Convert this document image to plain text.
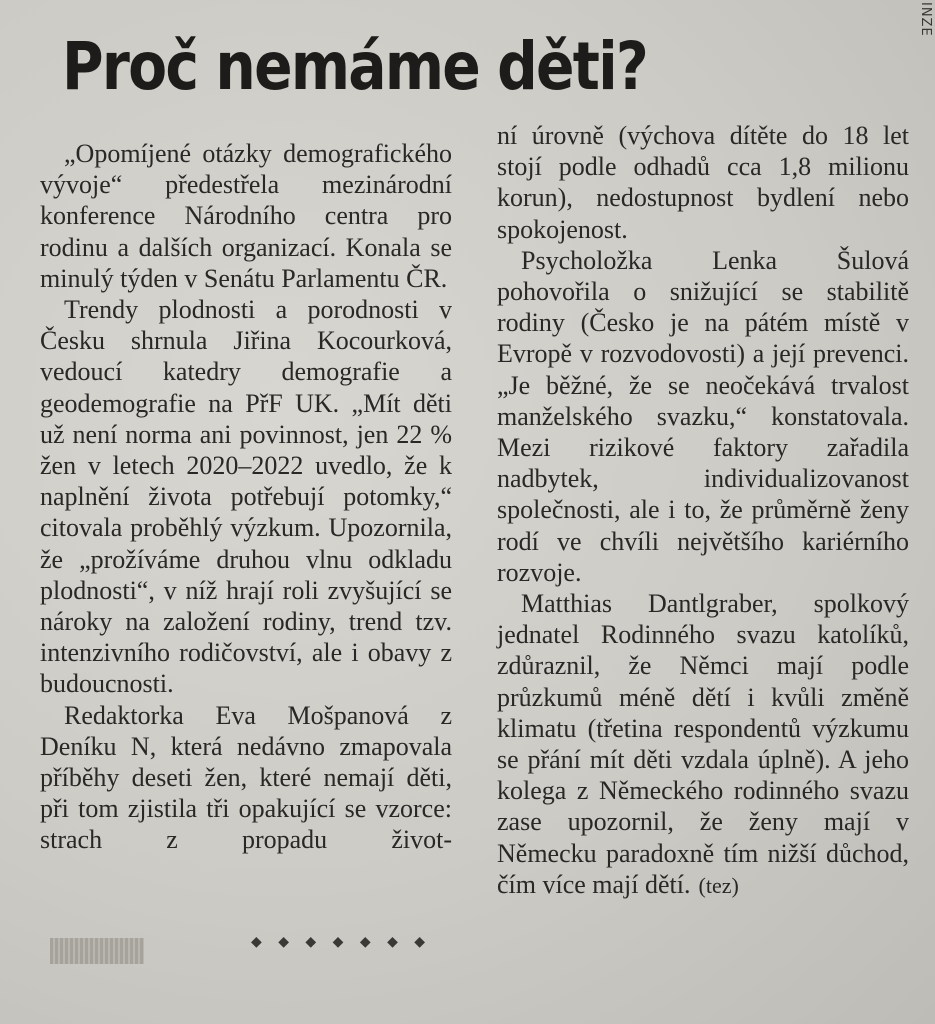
INZE
Proč nemáme děti?

„Opomíjené otázky demografického vývoje“ předestřela mezinárodní konference Národního centra pro rodinu a dalších organizací. Konala se minulý týden v Senátu Parlamentu ČR.

Trendy plodnosti a porodnosti v Česku shrnula Jiřina Kocourková, vedoucí katedry demografie a geodemografie na PřF UK. „Mít děti už není norma ani povinnost, jen 22 % žen v letech 2020–2022 uvedlo, že k naplnění života potřebují potomky,“ citovala proběhlý výzkum. Upozornila, že „prožíváme druhou vlnu odkladu plodnosti“, v níž hrají roli zvyšující se nároky na založení rodiny, trend tzv. intenzivního rodičovství, ale i obavy z budoucnosti.

Redaktorka Eva Mošpanová z Deníku N, která nedávno zmapovala příběhy deseti žen, které nemají děti, při tom zjistila tři opakující se vzorce: strach z propadu život-

ní úrovně (výchova dítěte do 18 let stojí podle odhadů cca 1,8 milionu korun), nedostupnost bydlení nebo spokojenost.

Psycholožka Lenka Šulová pohovořila o snižující se stabilitě rodiny (Česko je na pátém místě v Evropě v rozvodovosti) a její prevenci. „Je běžné, že se neočekává trvalost manželského svazku,“ konstatovala. Mezi rizikové faktory zařadila nadbytek, individualizovanost společnosti, ale i to, že průměrně ženy rodí ve chvíli největšího kariérního rozvoje.

Matthias Dantlgraber, spolkový jednatel Rodinného svazu katolíků, zdůraznil, že Němci mají podle průzkumů méně dětí i kvůli změně klimatu (třetina respondentů výzkumu se přání mít děti vzdala úplně). A jeho kolega z Německého rodinného svazu zase upozornil, že ženy mají v Německu paradoxně tím nižší důchod, čím více mají dětí. (tez)

◆ ◆ ◆ ◆ ◆ ◆ ◆
